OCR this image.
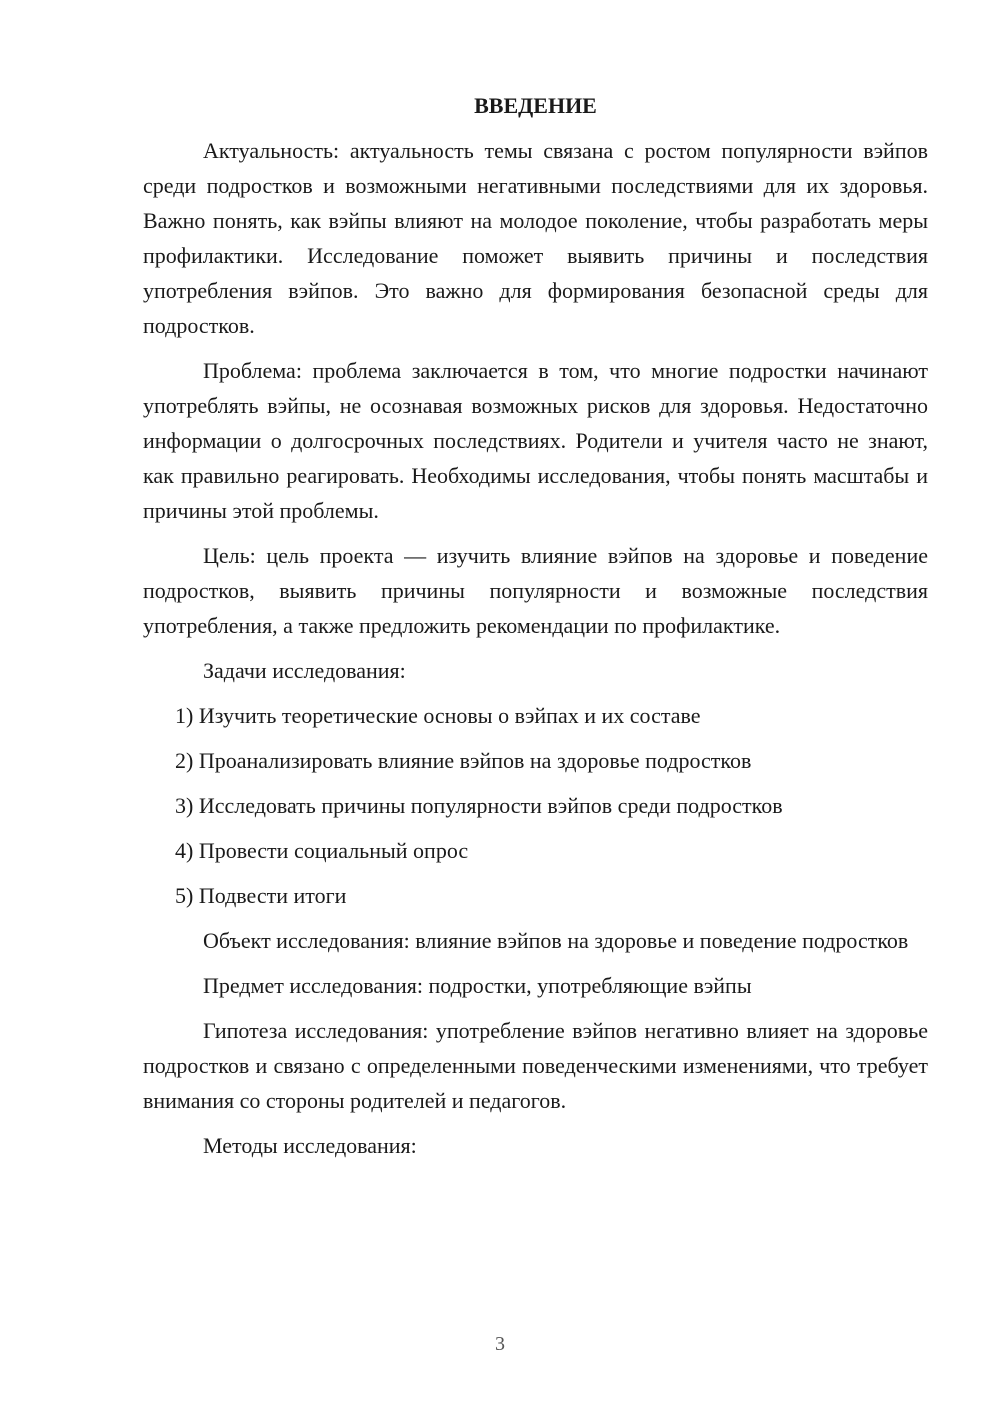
ВВЕДЕНИЕ

Актуальность: актуальность темы связана с ростом популярности вэйпов среди подростков и возможными негативными последствиями для их здоровья. Важно понять, как вэйпы влияют на молодое поколение, чтобы разработать меры профилактики. Исследование поможет выявить причины и последствия употребления вэйпов. Это важно для формирования безопасной среды для подростков.

Проблема: проблема заключается в том, что многие подростки начинают употреблять вэйпы, не осознавая возможных рисков для здоровья. Недостаточно информации о долгосрочных последствиях. Родители и учителя часто не знают, как правильно реагировать. Необходимы исследования, чтобы понять масштабы и причины этой проблемы.

Цель: цель проекта — изучить влияние вэйпов на здоровье и поведение подростков, выявить причины популярности и возможные последствия употребления, а также предложить рекомендации по профилактике.

Задачи исследования:

1) Изучить теоретические основы о вэйпах и их составе
2) Проанализировать влияние вэйпов на здоровье подростков
3) Исследовать причины популярности вэйпов среди подростков
4) Провести социальный опрос
5) Подвести итоги

Объект исследования: влияние вэйпов на здоровье и поведение подростков

Предмет исследования: подростки, употребляющие вэйпы

Гипотеза исследования: употребление вэйпов негативно влияет на здоровье подростков и связано с определенными поведенческими изменениями, что требует внимания со стороны родителей и педагогов.

Методы исследования:

3
